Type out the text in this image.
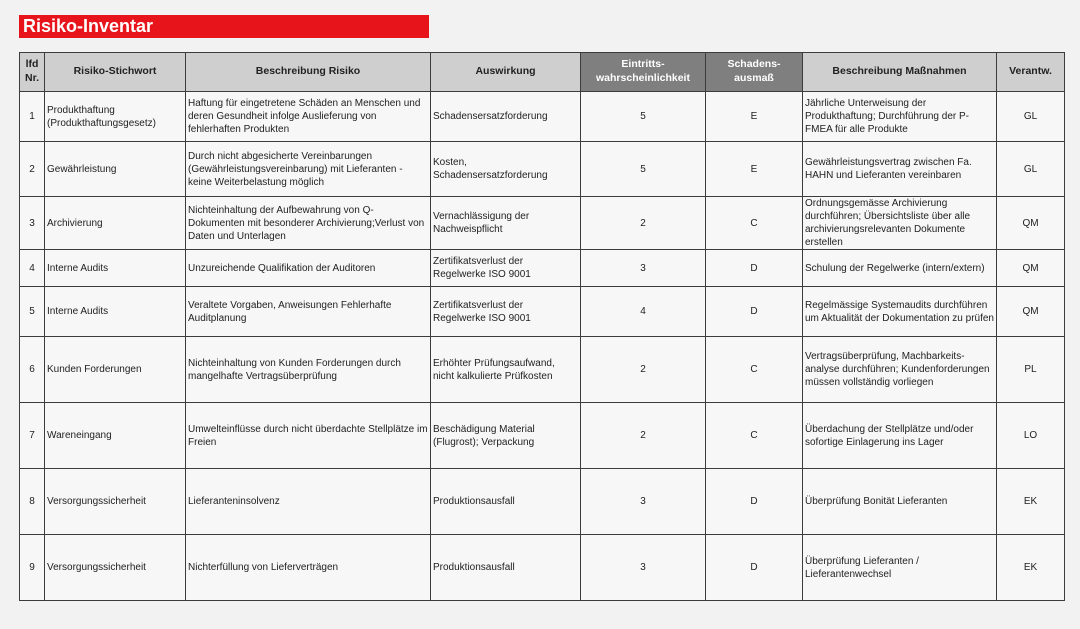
Risiko-Inventar
lfd Nr.	Risiko-Stichwort	Beschreibung Risiko	Auswirkung	Eintritts-wahrscheinlichkeit	Schadens-ausmaß	Beschreibung Maßnahmen	Verantw.
1	Produkthaftung (Produkthaftungsgesetz)	Haftung für eingetretene Schäden an Menschen und deren Gesundheit infolge Auslieferung von fehlerhaften Produkten	Schadensersatzforderung	5	E	Jährliche Unterweisung der Produkthaftung; Durchführung der P-FMEA für alle Produkte	GL
2	Gewährleistung	Durch nicht abgesicherte Vereinbarungen (Gewährleistungsvereinbarung) mit Lieferanten - keine Weiterbelastung möglich	Kosten, Schadensersatzforderung	5	E	Gewährleistungsvertrag zwischen Fa. HAHN und Lieferanten vereinbaren	GL
3	Archivierung	Nichteinhaltung der Aufbewahrung von Q-Dokumenten mit besonderer Archivierung;Verlust von Daten und Unterlagen	Vernachlässigung der Nachweispflicht	2	C	Ordnungsgemässe Archivierung durchführen; Übersichtsliste über alle archivierungsrelevanten Dokumente erstellen	QM
4	Interne Audits	Unzureichende Qualifikation der Auditoren	Zertifikatsverlust der Regelwerke ISO 9001	3	D	Schulung der Regelwerke (intern/extern)	QM
5	Interne Audits	Veraltete Vorgaben, Anweisungen Fehlerhafte Auditplanung	Zertifikatsverlust der Regelwerke ISO 9001	4	D	Regelmässige Systemaudits durchführen um Aktualität der Dokumentation zu prüfen	QM
6	Kunden Forderungen	Nichteinhaltung von Kunden Forderungen durch mangelhafte Vertragsüberprüfung	Erhöhter Prüfungsaufwand, nicht kalkulierte Prüfkosten	2	C	Vertragsüberprüfung, Machbarkeits-analyse durchführen; Kundenforderungen müssen vollständig vorliegen	PL
7	Wareneingang	Umwelteinflüsse durch nicht überdachte Stellplätze im Freien	Beschädigung Material (Flugrost); Verpackung	2	C	Überdachung der Stellplätze und/oder sofortige Einlagerung ins Lager	LO
8	Versorgungssicherheit	Lieferanteninsolvenz	Produktionsausfall	3	D	Überprüfung Bonität Lieferanten	EK
9	Versorgungssicherheit	Nichterfüllung von Lieferverträgen	Produktionsausfall	3	D	Überprüfung Lieferanten / Lieferantenwechsel	EK
